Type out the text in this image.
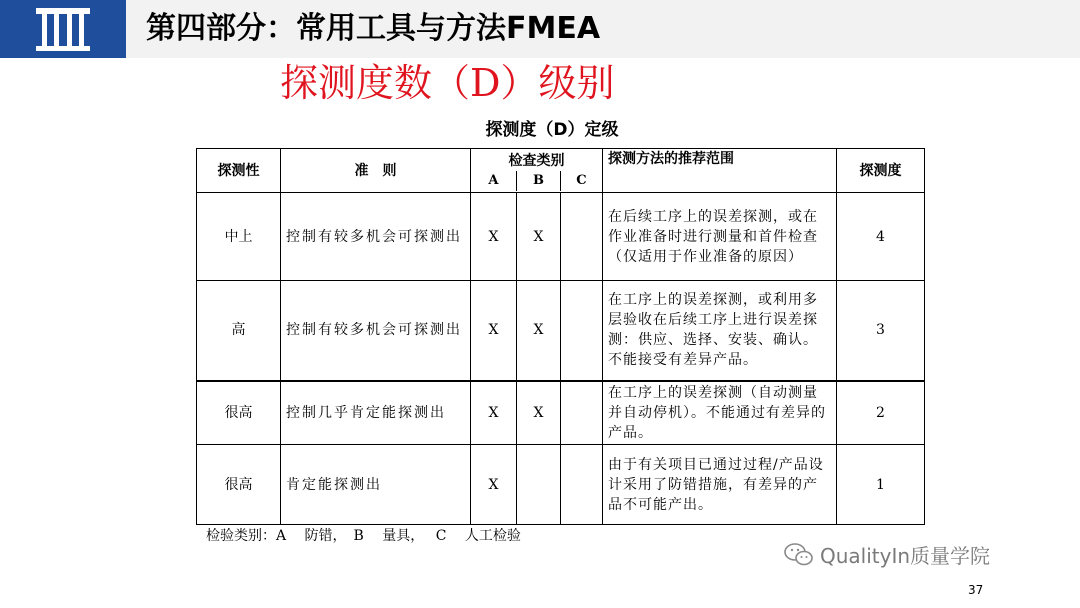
第四部分：常用工具与方法FMEA
探测度数（D）级别
探测度（D）定级
探测性	准　则	检查类别
A B C			探测方法的推荐范围	探测度
中上	控制有较多机会可探测出	X	X		在后续工序上的误差探测，或在作业准备时进行测量和首件检查（仅适用于作业准备的原因）	4
高	控制有较多机会可探测出	X	X		在工序上的误差探测，或利用多层验收在后续工序上进行误差探测：供应、选择、安装、确认。不能接受有差异产品。	3
很高	控制几乎肯定能探测出	X	X		在工序上的误差探测（自动测量并自动停机）。不能通过有差异的产品。	2
很高	肯定能探测出	X			由于有关项目已通过过程/产品设计采用了防错措施，有差异的产品不可能产出。	1
检验类别：A　 防错，　B　 量具，　 C　 人工检验
QualityIn质量学院
37
